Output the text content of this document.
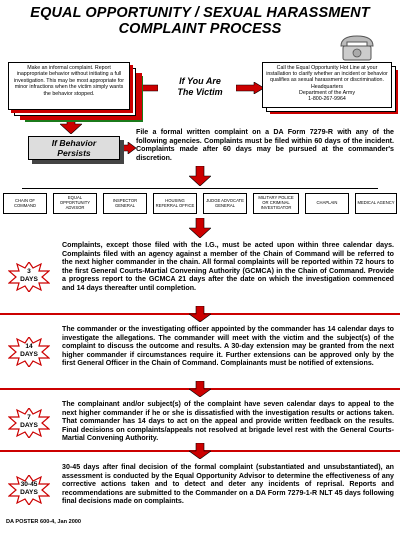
EQUAL OPPORTUNITY / SEXUAL HARASSMENT
COMPLAINT PROCESS
Make an informal complaint. Report inappropriate behavior without initiating a full investigation. This may be most appropriate for minor infractions when the victim simply wants the behavior stopped.
If You Are
The Victim
Call the Equal Opportunity Hot Line at your installation to clarify whether an incident or behavior qualifies as sexual harassment or discrimination.
Headquarters
Department of the Army
1-800-267-9964
If Behavior
Persists
File a formal written complaint on a DA Form 7279-R with any of the following agencies. Complaints must be filed within 60 days of the incident. Complaints made after 60 days may be pursued at the commander's discretion.
CHAIN OF COMMAND
EQUAL OPPORTUNITY ADVISOR
INSPECTOR GENERAL
HOUSING REFERRAL OFFICE
JUDGE ADVOCATE GENERAL
MILITARY POLICE OR CRIMINAL INVESTIGATOR
CHAPLAIN	MEDICAL AGENCY
3
DAYS
Complaints, except those filed with the I.G., must be acted upon within three calendar days. Complaints filed with an agency against a member of the Chain of Command will be referred to the next higher commander in the chain. All formal complaints will be reported within 72 hours to the first General Courts-Martial Convening Authority (GCMCA) in the Chain of Command. Provide a progress report to the GCMCA 21 days after the date on which the investigation commenced and 14 days thereafter until completion.
14
DAYS
The commander or the investigating officer appointed by the commander has 14 calendar days to investigate the allegations. The commander will meet with the victim and the subject(s) of the complaint to discuss the outcome and results. A 30-day extension may be granted from the next higher commander if circumstances require it. Further extensions can be approved only by the first General Officer in the Chain of Command. Complainants must be notified of extensions.
7
DAYS
The complainant and/or subject(s) of the complaint have seven calendar days to appeal to the next higher commander if he or she is dissatisfied with the investigation results or actions taken. That commander has 14 days to act on the appeal and provide written feedback on the results. Final decisions on complaints/appeals not resolved at brigade level rest with the General Courts-Martial Convening Authority.
30-45
DAYS
30-45 days after final decision of the formal complaint (substantiated and unsubstantiated), an assessment is conducted by the Equal Opportunity Advisor to determine the effectiveness of any corrective actions taken and to detect and deter any incidents of reprisal. Reports and recommendations are submitted to the Commander on a DA Form 7279-1-R NLT 45 days following final decisions made on complaints.
DA POSTER 600-4, Jan 2000
